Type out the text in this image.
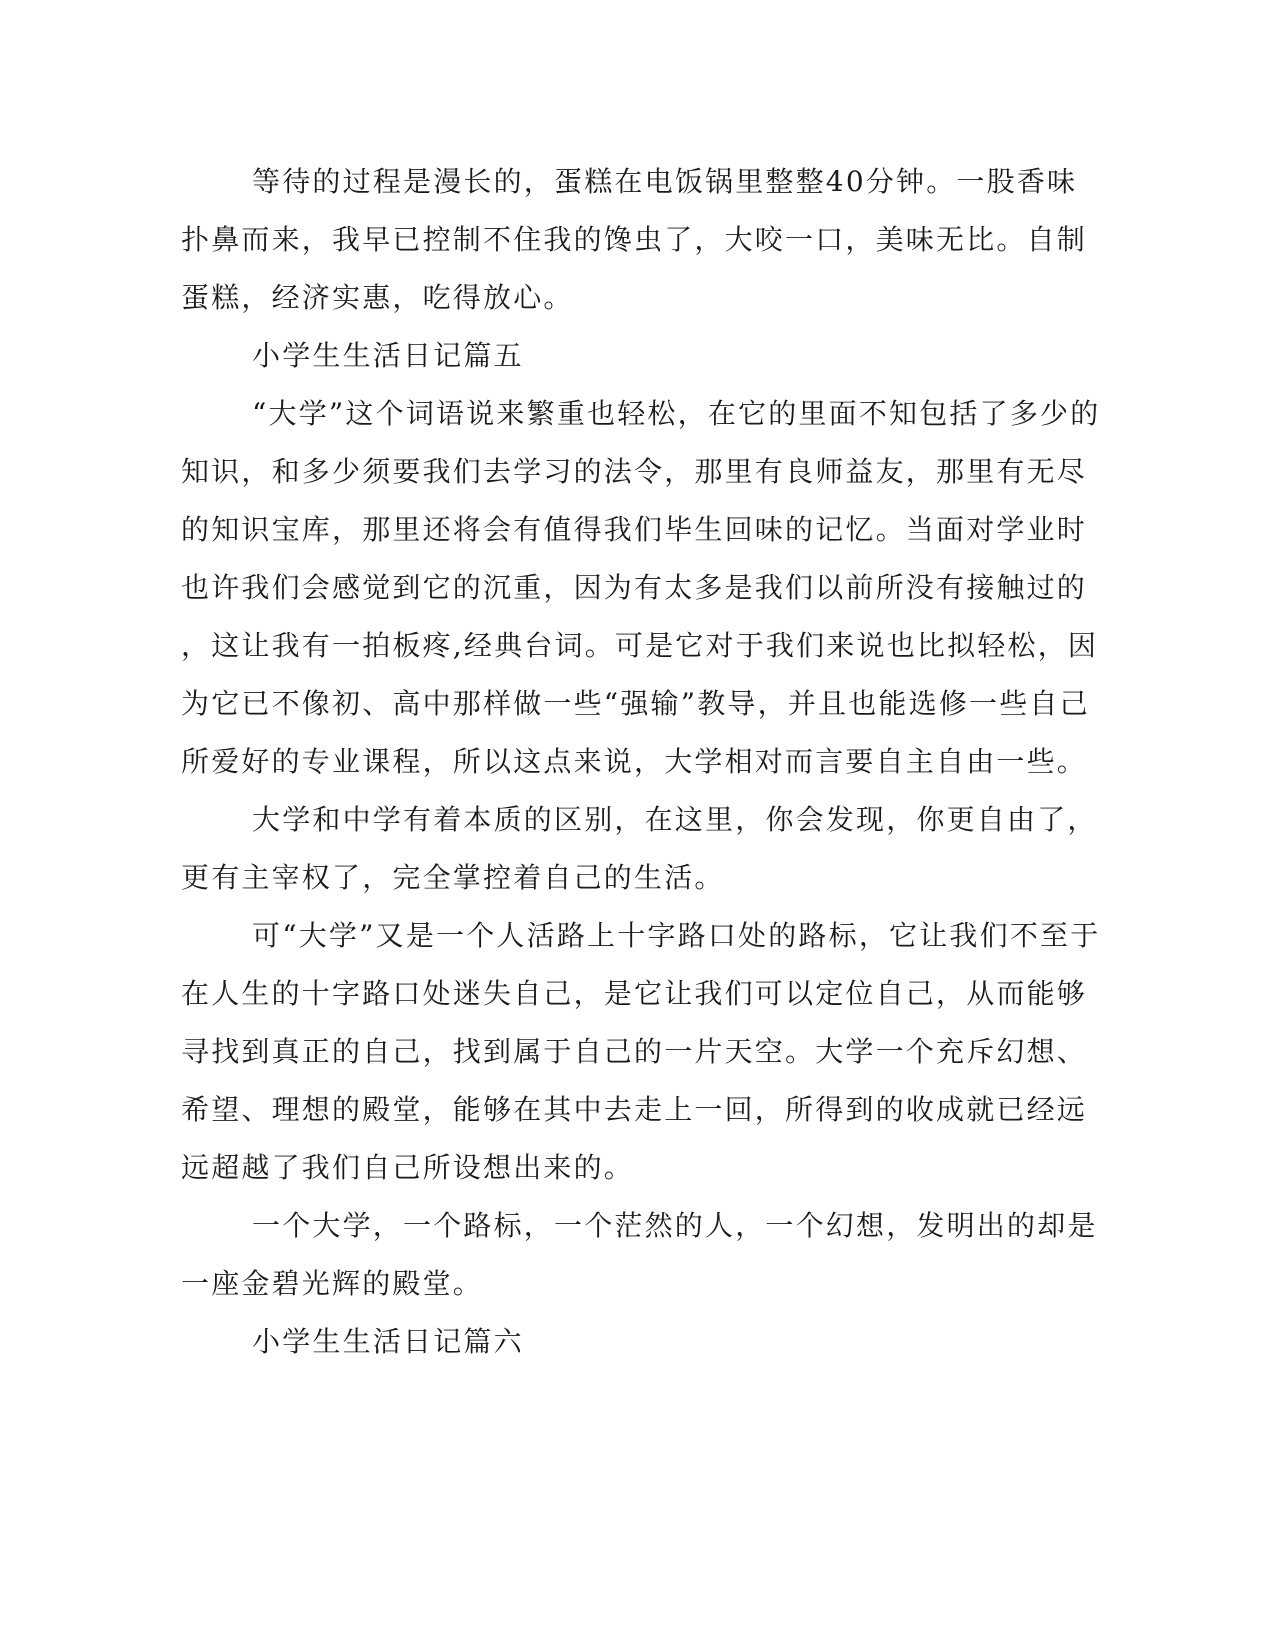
等待的过程是漫长的，蛋糕在电饭锅里整整40分钟。一股香味
扑鼻而来，我早已控制不住我的馋虫了，大咬一口，美味无比。自制
蛋糕，经济实惠，吃得放心。
小学生生活日记篇五
“大学”这个词语说来繁重也轻松，在它的里面不知包括了多少的
知识，和多少须要我们去学习的法令，那里有良师益友，那里有无尽
的知识宝库，那里还将会有值得我们毕生回味的记忆。当面对学业时
也许我们会感觉到它的沉重，因为有太多是我们以前所没有接触过的
，这让我有一拍板疼,经典台词。可是它对于我们来说也比拟轻松，因
为它已不像初、高中那样做一些“强输”教导，并且也能选修一些自己
所爱好的专业课程，所以这点来说，大学相对而言要自主自由一些。
大学和中学有着本质的区别，在这里，你会发现，你更自由了，
更有主宰权了，完全掌控着自己的生活。
可“大学”又是一个人活路上十字路口处的路标，它让我们不至于
在人生的十字路口处迷失自己，是它让我们可以定位自己，从而能够
寻找到真正的自己，找到属于自己的一片天空。大学一个充斥幻想、
希望、理想的殿堂，能够在其中去走上一回，所得到的收成就已经远
远超越了我们自己所设想出来的。
一个大学，一个路标，一个茫然的人，一个幻想，发明出的却是
一座金碧光辉的殿堂。
小学生生活日记篇六
